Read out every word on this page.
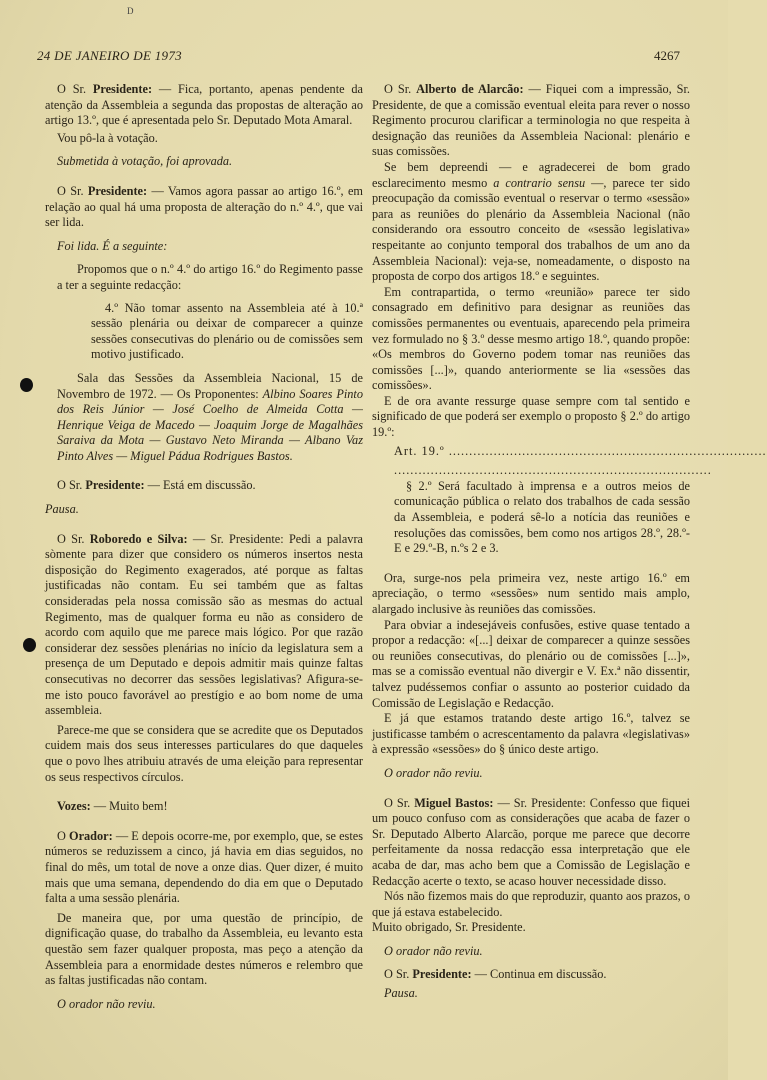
D
24 DE JANEIRO DE 1973	4267

O Sr. Presidente: — Fica, portanto, apenas pendente da atenção da Assembleia a segunda das propostas de alteração ao artigo 13.º, que é apresentada pelo Sr. Deputado Mota Amaral.

Vou pô-la à votação.

Submetida à votação, foi aprovada.

O Sr. Presidente: — Vamos agora passar ao artigo 16.º, em relação ao qual há uma proposta de alteração do n.º 4.º, que vai ser lida.

Foi lida. É a seguinte:

Propomos que o n.º 4.º do artigo 16.º do Regimento passe a ter a seguinte redacção:

4.º Não tomar assento na Assembleia até à 10.ª sessão plenária ou deixar de comparecer a quinze sessões consecutivas do plenário ou de comissões sem motivo justificado.

Sala das Sessões da Assembleia Nacional, 15 de Novembro de 1972. — Os Proponentes: Albino Soares Pinto dos Reis Júnior — José Coelho de Almeida Cotta — Henrique Veiga de Macedo — Joaquim Jorge de Magalhães Saraiva da Mota — Gustavo Neto Miranda — Albano Vaz Pinto Alves — Miguel Pádua Rodrigues Bastos.

O Sr. Presidente: — Está em discussão.

Pausa.

O Sr. Roboredo e Silva: — Sr. Presidente: Pedi a palavra sòmente para dizer que considero os números insertos nesta disposição do Regimento exagerados, até porque as faltas justificadas não contam. Eu sei também que as faltas consideradas pela nossa comissão são as mesmas do actual Regimento, mas de qualquer forma eu não as considero de acordo com aquilo que me parece mais lógico. Por que razão considerar dez sessões plenárias no início da legislatura sem a presença de um Deputado e depois admitir mais quinze faltas consecutivas no decorrer das sessões legislativas? Afigura-se-me isto pouco favorável ao prestígio e ao bom nome de uma assembleia.

Parece-me que se considera que se acredite que os Deputados cuidem mais dos seus interesses particulares do que daqueles que o povo lhes atribuiu através de uma eleição para representar os seus respectivos círculos.

Vozes: — Muito bem!

O Orador: — E depois ocorre-me, por exemplo, que, se estes números se reduzissem a cinco, já havia em dias seguidos, no final do mês, um total de nove a onze dias. Quer dizer, é muito mais que uma semana, dependendo do dia em que o Deputado falta a uma sessão plenária.

De maneira que, por uma questão de princípio, de dignificação quase, do trabalho da Assembleia, eu levanto esta questão sem fazer qualquer proposta, mas peço a atenção da Assembleia para a enormidade destes números e relembro que as faltas justificadas não contam.

O orador não reviu.

O Sr. Alberto de Alarcão: — Fiquei com a impressão, Sr. Presidente, de que a comissão eventual eleita para rever o nosso Regimento procurou clarificar a terminologia no que respeita à designação das reuniões da Assembleia Nacional: plenário e suas comissões.

Se bem depreendi — e agradecerei de bom grado esclarecimento mesmo a contrario sensu —, parece ter sido preocupação da comissão eventual o reservar o termo «sessão» para as reuniões do plenário da Assembleia Nacional (não considerando ora essoutro conceito de «sessão legislativa» respeitante ao conjunto temporal dos trabalhos de um ano da Assembleia Nacional): veja-se, nomeadamente, o disposto na proposta de corpo dos artigos 18.º e seguintes.

Em contrapartida, o termo «reunião» parece ter sido consagrado em definitivo para designar as reuniões das comissões permanentes ou eventuais, aparecendo pela primeira vez formulado no § 3.º desse mesmo artigo 18.º, quando propõe: «Os membros do Governo podem tomar nas reuniões das comissões [...]», quando anteriormente se lia «sessões das comissões».

E de ora avante ressurge quase sempre com tal sentido e significado de que poderá ser exemplo o proposto § 2.º do artigo 19.º:

Art. 19.º ..............................................................................
..............................................................................

§ 2.º Será facultado à imprensa e a outros meios de comunicação pública o relato dos trabalhos de cada sessão da Assembleia, e poderá sê-lo a notícia das reuniões e resoluções das comissões, bem como nos artigos 28.º, 28.º-E e 29.º-B, n.ºs 2 e 3.

Ora, surge-nos pela primeira vez, neste artigo 16.º em apreciação, o termo «sessões» num sentido mais amplo, alargado inclusive às reuniões das comissões.

Para obviar a indesejáveis confusões, estive quase tentado a propor a redacção: «[...] deixar de comparecer a quinze sessões ou reuniões consecutivas, do plenário ou de comissões [...]», mas se a comissão eventual não divergir e V. Ex.ª não dissentir, talvez pudéssemos confiar o assunto ao posterior cuidado da Comissão de Legislação e Redacção.

E já que estamos tratando deste artigo 16.º, talvez se justificasse também o acrescentamento da palavra «legislativas» à expressão «sessões» do § único deste artigo.

O orador não reviu.

O Sr. Miguel Bastos: — Sr. Presidente: Confesso que fiquei um pouco confuso com as considerações que acaba de fazer o Sr. Deputado Alberto Alarcão, porque me parece que decorre perfeitamente da nossa redacção essa interpretação que ele acaba de dar, mas acho bem que a Comissão de Legislação e Redacção acerte o texto, se acaso houver necessidade disso.

Nós não fizemos mais do que reproduzir, quanto aos prazos, o que já estava estabelecido.

Muito obrigado, Sr. Presidente.

O orador não reviu.

O Sr. Presidente: — Continua em discussão.

Pausa.
